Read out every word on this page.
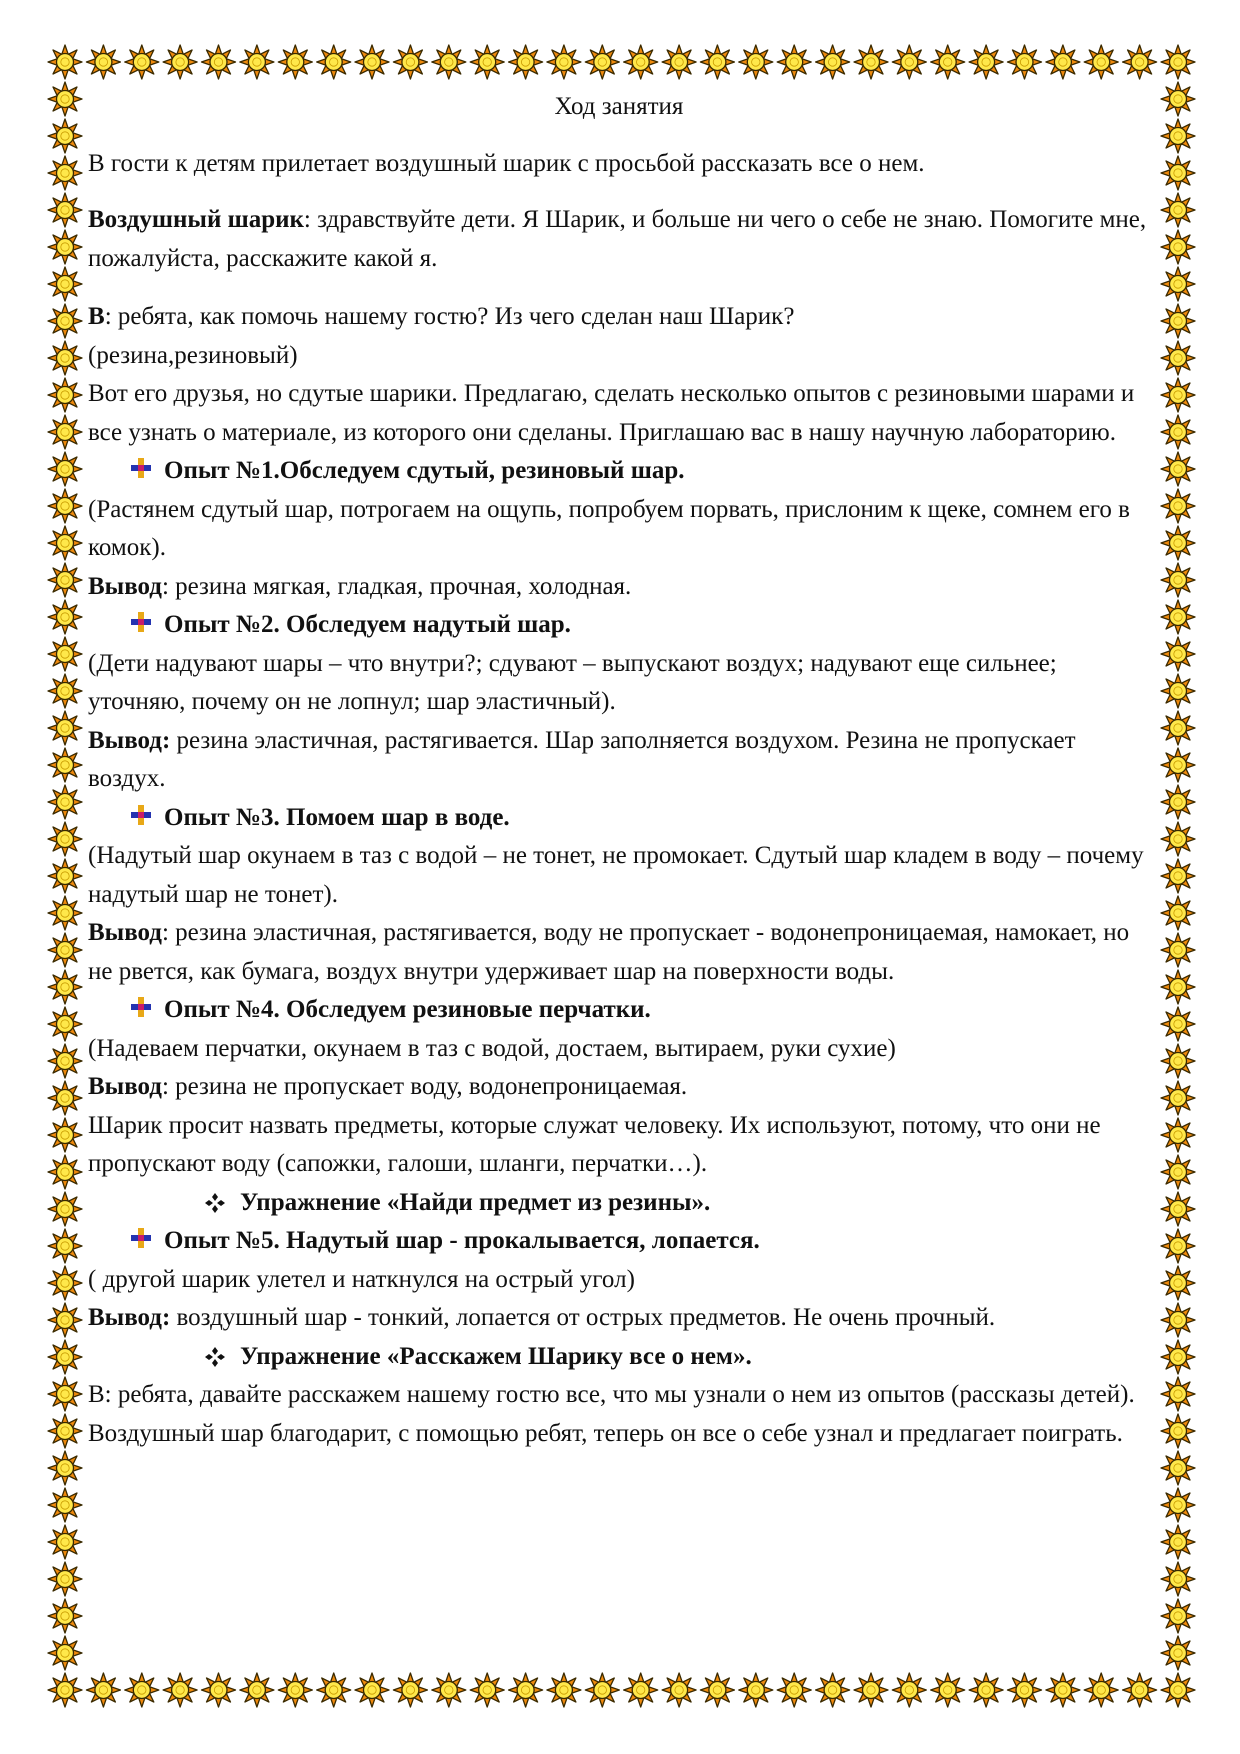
Ход занятия

В гости к детям прилетает воздушный шарик с просьбой рассказать все о нем.

Воздушный шарик: здравствуйте дети. Я Шарик, и больше ни чего о себе не знаю. Помогите мне, пожалуйста, расскажите какой я.

В: ребята, как помочь нашему гостю? Из чего сделан наш Шарик?

(резина,резиновый)

Вот его друзья, но сдутые шарики. Предлагаю, сделать несколько опытов с резиновыми шарами и все узнать о материале, из которого они сделаны. Приглашаю вас в нашу научную лабораторию.

Опыт №1.Обследуем сдутый, резиновый шар.

(Растянем сдутый шар, потрогаем на ощупь, попробуем порвать, прислоним к щеке, сомнем его в комок).

Вывод: резина мягкая, гладкая, прочная, холодная.

Опыт №2. Обследуем надутый шар.

(Дети надувают шары – что внутри?; сдувают – выпускают воздух; надувают еще сильнее; уточняю, почему он не лопнул; шар эластичный).

Вывод: резина эластичная, растягивается. Шар заполняется воздухом. Резина не пропускает воздух.

Опыт №3. Помоем шар в воде.

(Надутый шар окунаем в таз с водой – не тонет, не промокает. Сдутый шар кладем в воду – почему надутый шар не тонет).

Вывод: резина эластичная, растягивается, воду не пропускает - водонепроницаемая, намокает, но не рвется, как бумага, воздух внутри удерживает шар на поверхности воды.

Опыт №4. Обследуем резиновые перчатки.

(Надеваем перчатки, окунаем в таз с водой, достаем, вытираем, руки сухие)

Вывод: резина не пропускает воду, водонепроницаемая.

Шарик просит назвать предметы, которые служат человеку. Их используют, потому, что они не пропускают воду (сапожки, галоши, шланги, перчатки…).

Упражнение «Найди предмет из резины».

Опыт №5. Надутый шар - прокалывается, лопается.

( другой шарик улетел и наткнулся на острый угол)

Вывод: воздушный шар - тонкий, лопается от острых предметов. Не очень прочный.

Упражнение «Расскажем Шарику все о нем».

В: ребята, давайте расскажем нашему гостю все, что мы узнали о нем из опытов (рассказы детей).

Воздушный шар благодарит, с помощью ребят, теперь он все о себе узнал и предлагает поиграть.
